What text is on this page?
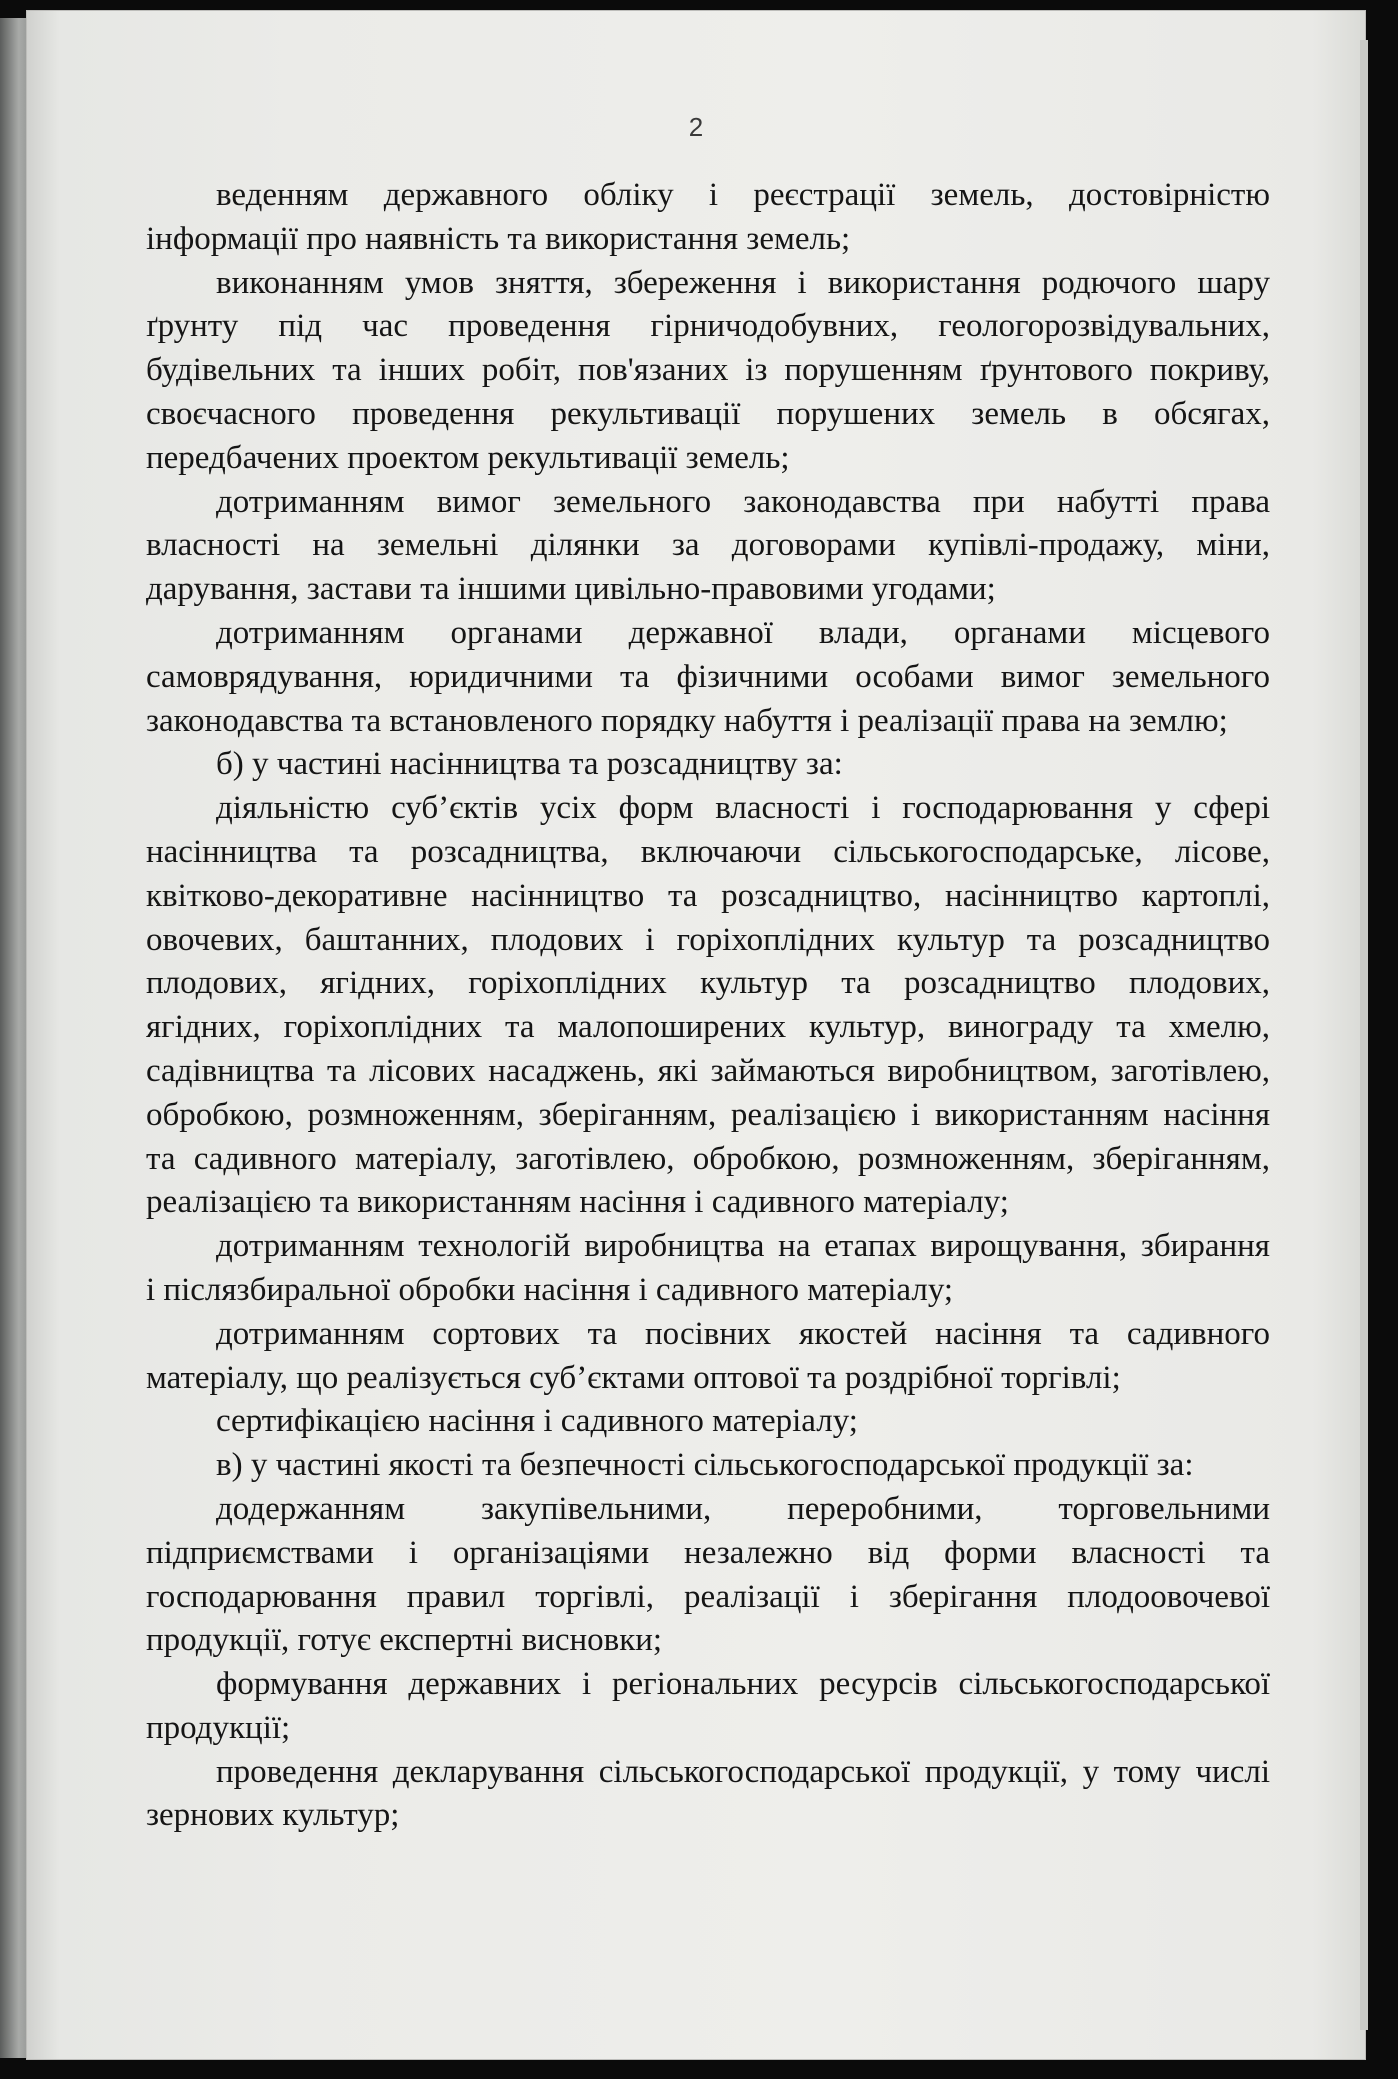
2
веденням державного обліку і реєстрації земель, достовірністю
інформації про наявність та використання земель;
виконанням умов зняття, збереження і використання родючого шару
ґрунту під час проведення гірничодобувних, геологорозвідувальних,
будівельних та інших робіт, пов'язаних із порушенням ґрунтового покриву,
своєчасного проведення рекультивації порушених земель в обсягах,
передбачених проектом рекультивації земель;
дотриманням вимог земельного законодавства при набутті права
власності на земельні ділянки за договорами купівлі-продажу, міни,
дарування, застави та іншими цивільно-правовими угодами;
дотриманням органами державної влади, органами місцевого
самоврядування, юридичними та фізичними особами вимог земельного
законодавства та встановленого порядку набуття і реалізації права на землю;
б) у частині насінництва та розсадництву за:
діяльністю суб’єктів усіх форм власності і господарювання у сфері
насінництва та розсадництва, включаючи сільськогосподарське, лісове,
квітково-декоративне насінництво та розсадництво, насінництво картоплі,
овочевих, баштанних, плодових і горіхоплідних культур та розсадництво
плодових, ягідних, горіхоплідних культур та розсадництво плодових,
ягідних, горіхоплідних та малопоширених культур, винограду та хмелю,
садівництва та лісових насаджень, які займаються виробництвом, заготівлею,
обробкою, розмноженням, зберіганням, реалізацією і використанням насіння
та садивного матеріалу, заготівлею, обробкою, розмноженням, зберіганням,
реалізацією та використанням насіння і садивного матеріалу;
дотриманням технологій виробництва на етапах вирощування, збирання
і післязбиральної обробки насіння і садивного матеріалу;
дотриманням сортових та посівних якостей насіння та садивного
матеріалу, що реалізується суб’єктами оптової та роздрібної торгівлі;
сертифікацією насіння і садивного матеріалу;
в) у частині якості та безпечності сільськогосподарської продукції за:
додержанням закупівельними, переробними, торговельними
підприємствами і організаціями незалежно від форми власності та
господарювання правил торгівлі, реалізації і зберігання плодоовочевої
продукції, готує експертні висновки;
формування державних і регіональних ресурсів сільськогосподарської
продукції;
проведення декларування сільськогосподарської продукції, у тому числі
зернових культур;
